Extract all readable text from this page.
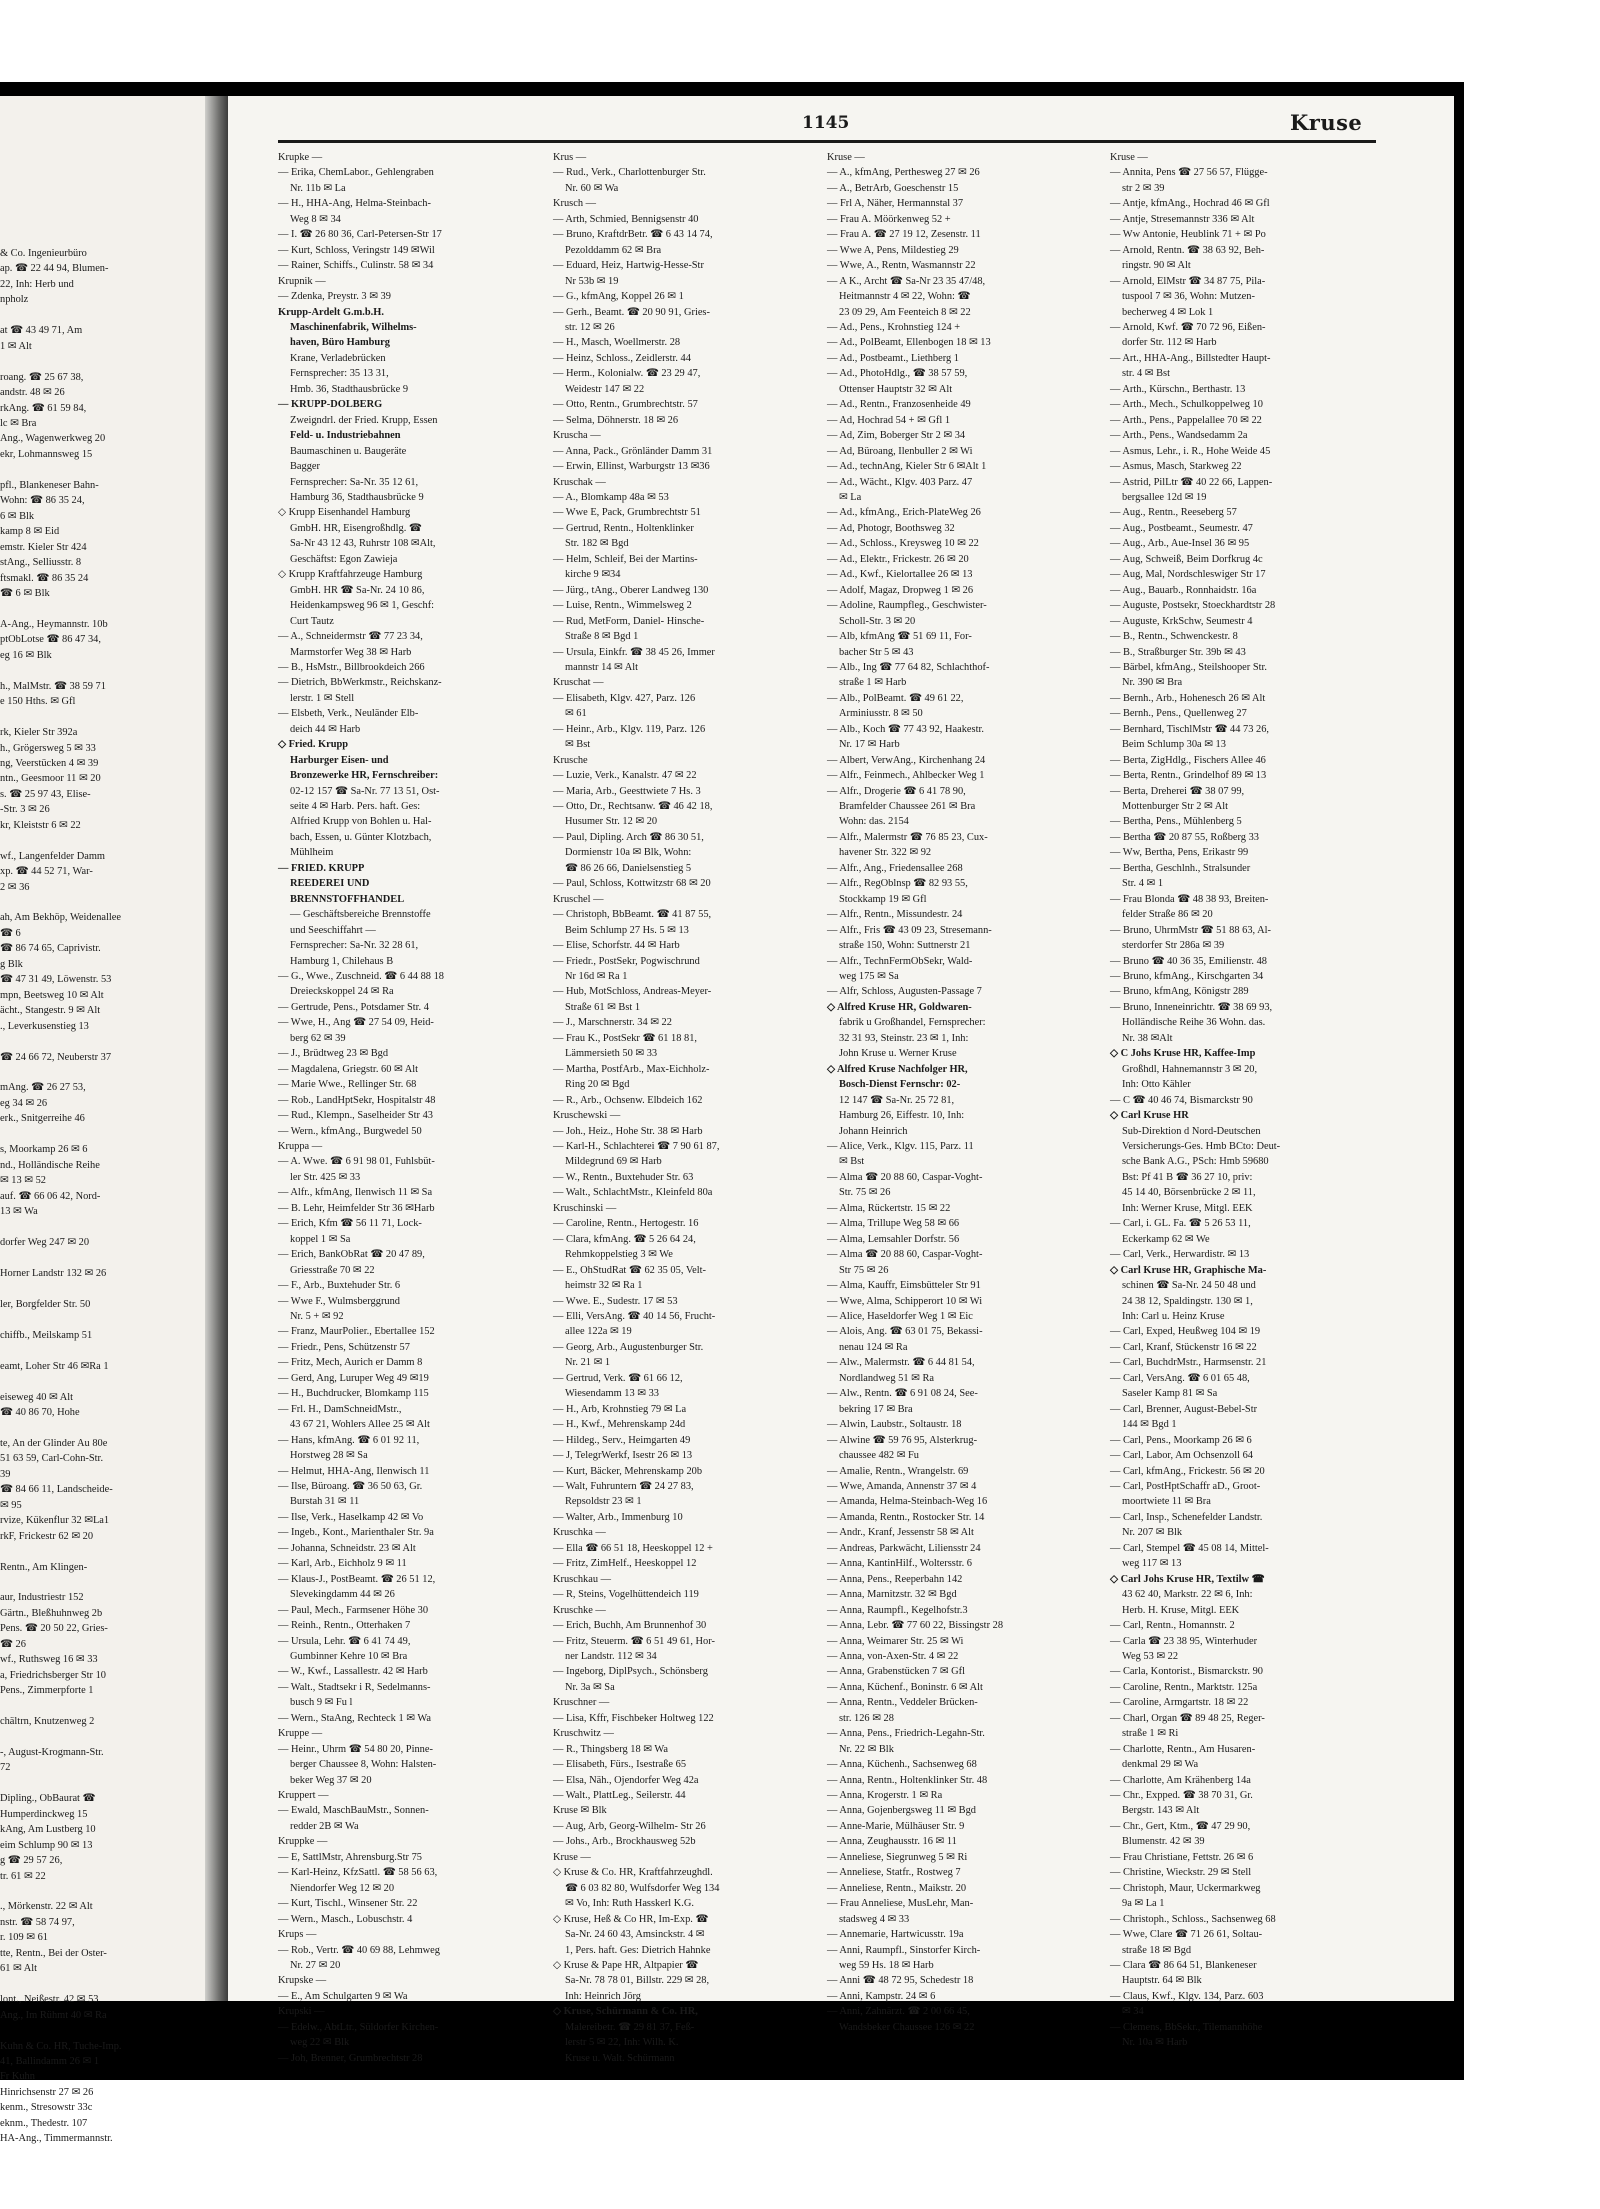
& Co. Ingenieurbüro
ap. ☎ 22 44 94, Blumen-
22, Inh: Herb und
npholz

at ☎ 43 49 71, Am
1 ✉ Alt

roang. ☎ 25 67 38,
andstr. 48 ✉ 26
rkAng. ☎ 61 59 84,
lc ✉ Bra
Ang., Wagenwerkweg 20
ekr, Lohmannsweg 15

pfl., Blankeneser Bahn-
Wohn: ☎ 86 35 24,
6 ✉ Blk
kamp 8 ✉ Eid
emstr. Kieler Str 424
stAng., Selliusstr. 8
ftsmakl. ☎ 86 35 24
☎ 6 ✉ Blk

A-Ang., Heymannstr. 10b
ptObLotse ☎ 86 47 34,
eg 16 ✉ Blk

h., MalMstr. ☎ 38 59 71
e 150 Hths. ✉ Gfl

rk, Kieler Str 392a
h., Grögersweg 5 ✉ 33
ng, Veerstücken 4 ✉ 39
ntn., Geesmoor 11 ✉ 20
s. ☎ 25 97 43, Elise-
-Str. 3 ✉ 26
kr, Kleiststr 6 ✉ 22

wf., Langenfelder Damm
xp. ☎ 44 52 71, War-
2 ✉ 36

ah, Am Bekhöp, Weidenallee
☎ 6
☎ 86 74 65, Caprivistr.
g Blk
☎ 47 31 49, Löwenstr. 53
mpn, Beetsweg 10 ✉ Alt
ächt., Stangestr. 9 ✉ Alt
., Leverkusenstieg 13

☎ 24 66 72, Neuberstr 37

mAng. ☎ 26 27 53,
eg 34 ✉ 26
erk., Snitgerreihe 46

s, Moorkamp 26 ✉ 6
nd., Holländische Reihe
✉ 13 ✉ 52
auf. ☎ 66 06 42, Nord-
13 ✉ Wa

dorfer Weg 247 ✉ 20

Horner Landstr 132 ✉ 26

ler, Borgfelder Str. 50

chiffb., Meilskamp 51

eamt, Loher Str 46 ✉Ra 1

eiseweg 40 ✉ Alt
☎ 40 86 70, Hohe

te, An der Glinder Au 80e
51 63 59, Carl-Cohn-Str.
39
☎ 84 66 11, Landscheide-
✉ 95
rvize, Kükenflur 32 ✉La1
rkF, Frickestr 62 ✉ 20

Rentn., Am Klingen-

aur, Industriestr 152
Gärtn., Bleßhuhnweg 2b
Pens. ☎ 20 50 22, Gries-
☎ 26
wf., Ruthsweg 16 ✉ 33
a, Friedrichsberger Str 10
Pens., Zimmerpforte 1

chältrn, Knutzenweg 2

-, August-Krogmann-Str.
72

Dipling., ObBaurat ☎
Humperdinckweg 15
kAng, Am Lustberg 10
eim Schlump 90 ✉ 13
g ☎ 29 57 26,
tr. 61 ✉ 22

., Mörkenstr. 22 ✉ Alt
nstr. ☎ 58 74 97,
r. 109 ✉ 61
tte, Rentn., Bei der Oster-
61 ✉ Alt

lont., Neißestr. 42 ✉ 53
Ang., Im Rühmt 40 ✉ Ra

Kuhn & Co. HR, Tuche-Imp.
41, Ballindamm 26 ✉ 1
Fr Kuhn
Hinrichsenstr 27 ✉ 26
kenm., Stresowstr 33c
eknm., Thedestr. 107
HA-Ang., Timmermannstr.

1145	Kruse
Krupke —
— Erika, ChemLabor., Gehlengraben
Nr. 11b ✉ La
— H., HHA-Ang, Helma-Steinbach-
Weg 8 ✉ 34
— I. ☎ 26 80 36, Carl-Petersen-Str 17
— Kurt, Schloss, Veringstr 149 ✉Wil
— Rainer, Schiffs., Culinstr. 58 ✉ 34
Krupnik —
— Zdenka, Preystr. 3 ✉ 39
Krupp-Ardelt G.m.b.H.
Maschinenfabrik, Wilhelms-
haven, Büro Hamburg
Krane, Verladebrücken
Fernsprecher: 35 13 31,
Hmb. 36, Stadthausbrücke 9
— KRUPP-DOLBERG
Zweigndrl. der Fried. Krupp, Essen
Feld- u. Industriebahnen
Baumaschinen u. Baugeräte
Bagger
Fernsprecher: Sa-Nr. 35 12 61,
Hamburg 36, Stadthausbrücke 9
◇ Krupp Eisenhandel Hamburg
GmbH. HR, Eisengroßhdlg. ☎
Sa-Nr 43 12 43, Ruhrstr 108 ✉Alt,
Geschäftst: Egon Zawieja
◇ Krupp Kraftfahrzeuge Hamburg
GmbH. HR ☎ Sa-Nr. 24 10 86,
Heidenkampsweg 96 ✉ 1, Geschf:
Curt Tautz
— A., Schneidermstr ☎ 77 23 34,
Marmstorfer Weg 38 ✉ Harb
— B., HsMstr., Billbrookdeich 266
— Dietrich, BbWerkmstr., Reichskanz-
lerstr. 1 ✉ Stell
— Elsbeth, Verk., Neuländer Elb-
deich 44 ✉ Harb
◇ Fried. Krupp
Harburger Eisen- und
Bronzewerke HR, Fernschreiber:
02-12 157 ☎ Sa-Nr. 77 13 51, Ost-
seite 4 ✉ Harb. Pers. haft. Ges:
Alfried Krupp von Bohlen u. Hal-
bach, Essen, u. Günter Klotzbach,
Mühlheim
— FRIED. KRUPP
REEDEREI UND
BRENNSTOFFHANDEL
— Geschäftsbereiche Brennstoffe
und Seeschiffahrt —
Fernsprecher: Sa-Nr. 32 28 61,
Hamburg 1, Chilehaus B
— G., Wwe., Zuschneid. ☎ 6 44 88 18
Dreieckskoppel 24 ✉ Ra
— Gertrude, Pens., Potsdamer Str. 4
— Wwe, H., Ang ☎ 27 54 09, Heid-
berg 62 ✉ 39
— J., Brüdtweg 23 ✉ Bgd
— Magdalena, Griegstr. 60 ✉ Alt
— Marie Wwe., Rellinger Str. 68
— Rob., LandHptSekr, Hospitalstr 48
— Rud., Klempn., Saselheider Str 43
— Wern., kfmAng., Burgwedel 50
Kruppa —
— A. Wwe. ☎ 6 91 98 01, Fuhlsbüt-
ler Str. 425 ✉ 33
— Alfr., kfmAng, Ilenwisch 11 ✉ Sa
— B. Lehr, Heimfelder Str 36 ✉Harb
— Erich, Kfm ☎ 56 11 71, Lock-
koppel 1 ✉ Sa
— Erich, BankObRat ☎ 20 47 89,
Griesstraße 70 ✉ 22
— F., Arb., Buxtehuder Str. 6
— Wwe F., Wulmsberggrund
Nr. 5 + ✉ 92
— Franz, MaurPolier., Ebertallee 152
— Friedr., Pens, Schützenstr 57
— Fritz, Mech, Aurich er Damm 8
— Gerd, Ang, Luruper Weg 49 ✉19
— H., Buchdrucker, Blomkamp 115
— Frl. H., DamSchneidMstr.,
43 67 21, Wohlers Allee 25 ✉ Alt
— Hans, kfmAng. ☎ 6 01 92 11,
Horstweg 28 ✉ Sa
— Helmut, HHA-Ang, Ilenwisch 11
— Ilse, Büroang. ☎ 36 50 63, Gr.
Burstah 31 ✉ 11
— Ilse, Verk., Haselkamp 42 ✉ Vo
— Ingeb., Kont., Marienthaler Str. 9a
— Johanna, Schneidstr. 23 ✉ Alt
— Karl, Arb., Eichholz 9 ✉ 11
— Klaus-J., PostBeamt. ☎ 26 51 12,
Slevekingdamm 44 ✉ 26
— Paul, Mech., Farmsener Höhe 30
— Reinh., Rentn., Otterhaken 7
— Ursula, Lehr. ☎ 6 41 74 49,
Gumbinner Kehre 10 ✉ Bra
— W., Kwf., Lassallestr. 42 ✉ Harb
— Walt., Stadtsekr i R, Sedelmanns-
busch 9 ✉ Fu l
— Wern., StaAng, Rechteck 1 ✉ Wa
Kruppe —
— Heinr., Uhrm ☎ 54 80 20, Pinne-
berger Chaussee 8, Wohn: Halsten-
beker Weg 37 ✉ 20
Kruppert —
— Ewald, MaschBauMstr., Sonnen-
redder 2B ✉ Wa
Kruppke —
— E, SattlMstr, Ahrensburg.Str 75
— Karl-Heinz, KfzSattl. ☎ 58 56 63,
Niendorfer Weg 12 ✉ 20
— Kurt, Tischl., Winsener Str. 22
— Wern., Masch., Lobuschstr. 4
Krups —
— Rob., Vertr. ☎ 40 69 88, Lehmweg
Nr. 27 ✉ 20
Krupske —
— E., Am Schulgarten 9 ✉ Wa
Krupski —
— Edelw., AbtLtr., Süldorfer Kirchen-
weg 22 ✉ Blk
— Joh, Brenner, Grumbrechtstr 28
Krus —
— Rud., Verk., Charlottenburger Str.
Nr. 60 ✉ Wa
Krusch —
— Arth, Schmied, Bennigsenstr 40
— Bruno, KraftdrBetr. ☎ 6 43 14 74,
Pezolddamm 62 ✉ Bra
— Eduard, Heiz, Hartwig-Hesse-Str
Nr 53b ✉ 19
— G., kfmAng, Koppel 26 ✉ 1
— Gerh., Beamt. ☎ 20 90 91, Gries-
str. 12 ✉ 26
— H., Masch, Woellmerstr. 28
— Heinz, Schloss., Zeidlerstr. 44
— Herm., Kolonialw. ☎ 23 29 47,
Weidestr 147 ✉ 22
— Otto, Rentn., Grumbrechtstr. 57
— Selma, Döhnerstr. 18 ✉ 26
Kruscha —
— Anna, Pack., Grönländer Damm 31
— Erwin, Ellinst, Warburgstr 13 ✉36
Kruschak —
— A., Blomkamp 48a ✉ 53
— Wwe E, Pack, Grumbrechtstr 51
— Gertrud, Rentn., Holtenklinker
Str. 182 ✉ Bgd
— Helm, Schleif, Bei der Martins-
kirche 9 ✉34
— Jürg., tAng., Oberer Landweg 130
— Luise, Rentn., Wimmelsweg 2
— Rud, MetForm, Daniel- Hinsche-
Straße 8 ✉ Bgd 1
— Ursula, Einkfr. ☎ 38 45 26, Immer
mannstr 14 ✉ Alt
Kruschat —
— Elisabeth, Klgv. 427, Parz. 126
✉ 61
— Heinr., Arb., Klgv. 119, Parz. 126
✉ Bst
Krusche
— Luzie, Verk., Kanalstr. 47 ✉ 22
— Maria, Arb., Geesttwiete 7 Hs. 3
— Otto, Dr., Rechtsanw. ☎ 46 42 18,
Husumer Str. 12 ✉ 20
— Paul, Dipling. Arch ☎ 86 30 51,
Dormienstr 10a ✉ Blk, Wohn:
☎ 86 26 66, Danielsenstieg 5
— Paul, Schloss, Kottwitzstr 68 ✉ 20
Kruschel —
— Christoph, BbBeamt. ☎ 41 87 55,
Beim Schlump 27 Hs. 5 ✉ 13
— Elise, Schorfstr. 44 ✉ Harb
— Friedr., PostSekr, Pogwischrund
Nr 16d ✉ Ra 1
— Hub, MotSchloss, Andreas-Meyer-
Straße 61 ✉ Bst 1
— J., Marschnerstr. 34 ✉ 22
— Frau K., PostSekr ☎ 61 18 81,
Lämmersieth 50 ✉ 33
— Martha, PostfArb., Max-Eichholz-
Ring 20 ✉ Bgd
— R., Arb., Ochsenw. Elbdeich 162
Kruschewski —
— Joh., Heiz., Hohe Str. 38 ✉ Harb
— Karl-H., Schlachterei ☎ 7 90 61 87,
Mildegrund 69 ✉ Harb
— W., Rentn., Buxtehuder Str. 63
— Walt., SchlachtMstr., Kleinfeld 80a
Kruschinski —
— Caroline, Rentn., Hertogestr. 16
— Clara, kfmAng. ☎ 5 26 64 24,
Rehmkoppelstieg 3 ✉ We
— E., OhStudRat ☎ 62 35 05, Velt-
heimstr 32 ✉ Ra 1
— Wwe. E., Sudestr. 17 ✉ 53
— Elli, VersAng. ☎ 40 14 56, Frucht-
allee 122a ✉ 19
— Georg, Arb., Augustenburger Str.
Nr. 21 ✉ 1
— Gertrud, Verk. ☎ 61 66 12,
Wiesendamm 13 ✉ 33
— H., Arb, Krohnstieg 79 ✉ La
— H., Kwf., Mehrenskamp 24d
— Hildeg., Serv., Heimgarten 49
— J, TelegrWerkf, Isestr 26 ✉ 13
— Kurt, Bäcker, Mehrenskamp 20b
— Walt, Fuhruntern ☎ 24 27 83,
Repsoldstr 23 ✉ 1
— Walter, Arb., Immenburg 10
Kruschka —
— Ella ☎ 66 51 18, Heeskoppel 12 +
— Fritz, ZimHelf., Heeskoppel 12
Kruschkau —
— R, Steins, Vogelhüttendeich 119
Kruschke —
— Erich, Buchh, Am Brunnenhof 30
— Fritz, Steuerm. ☎ 6 51 49 61, Hor-
ner Landstr. 112 ✉ 34
— Ingeborg, DiplPsych., Schönsberg
Nr. 3a ✉ Sa
Kruschner —
— Lisa, Kffr, Fischbeker Holtweg 122
Kruschwitz —
— R., Thingsberg 18 ✉ Wa
— Elisabeth, Fürs., Isestraße 65
— Elsa, Näh., Ojendorfer Weg 42a
— Walt., PlattLeg., Seilerstr. 44
Kruse ✉ Blk
— Aug, Arb, Georg-Wilhelm- Str 26
— Johs., Arb., Brockhausweg 52b
Kruse —
◇ Kruse & Co. HR, Kraftfahrzeughdl.
☎ 6 03 82 80, Wulfsdorfer Weg 134
✉ Vo, Inh: Ruth Hasskerl K.G.
◇ Kruse, Heß & Co HR, Im-Exp. ☎
Sa-Nr. 24 60 43, Amsinckstr. 4 ✉
1, Pers. haft. Ges: Dietrich Hahnke
◇ Kruse & Pape HR, Altpapier ☎
Sa-Nr. 78 78 01, Billstr. 229 ✉ 28,
Inh: Heinrich Jörg
◇ Kruse, Schürmann & Co. HR,
Malereibetr. ☎ 29 81 37, Feß-
lerstr 5 ✉ 22, Inh: Wilh. K.
Kruse u. Walt. Schürmann
Kruse —
— A., kfmAng, Perthesweg 27 ✉ 26
— A., BetrArb, Goeschenstr 15
— Frl A, Näher, Hermannstal 37
— Frau A. Möörkenweg 52 +
— Frau A. ☎ 27 19 12, Zesenstr. 11
— Wwe A, Pens, Mildestieg 29
— Wwe, A., Rentn, Wasmannstr 22
— A K., Archt ☎ Sa-Nr 23 35 47/48,
Heitmannstr 4 ✉ 22, Wohn: ☎
23 09 29, Am Feenteich 8 ✉ 22
— Ad., Pens., Krohnstieg 124 +
— Ad., PolBeamt, Ellenbogen 18 ✉ 13
— Ad., Postbeamt., Liethberg 1
— Ad., PhotoHdlg., ☎ 38 57 59,
Ottenser Hauptstr 32 ✉ Alt
— Ad., Rentn., Franzosenheide 49
— Ad, Hochrad 54 + ✉ Gfl 1
— Ad, Zim, Boberger Str 2 ✉ 34
— Ad, Büroang, Ilenbuller 2 ✉ Wi
— Ad., technAng, Kieler Str 6 ✉Alt 1
— Ad., Wächt., Klgv. 403 Parz. 47
✉ La
— Ad., kfmAng., Erich-PlateWeg 26
— Ad, Photogr, Boothsweg 32
— Ad., Schloss., Kreysweg 10 ✉ 22
— Ad., Elektr., Frickestr. 26 ✉ 20
— Ad., Kwf., Kielortallee 26 ✉ 13
— Adolf, Magaz, Dropweg 1 ✉ 26
— Adoline, Raumpfleg., Geschwister-
Scholl-Str. 3 ✉ 20
— Alb, kfmAng ☎ 51 69 11, For-
bacher Str 5 ✉ 43
— Alb., Ing ☎ 77 64 82, Schlachthof-
straße 1 ✉ Harb
— Alb., PolBeamt. ☎ 49 61 22,
Arminiusstr. 8 ✉ 50
— Alb., Koch ☎ 77 43 92, Haakestr.
Nr. 17 ✉ Harb
— Albert, VerwAng., Kirchenhang 24
— Alfr., Feinmech., Ahlbecker Weg 1
— Alfr., Drogerie ☎ 6 41 78 90,
Bramfelder Chaussee 261 ✉ Bra
Wohn: das. 2154
— Alfr., Malermstr ☎ 76 85 23, Cux-
havener Str. 322 ✉ 92
— Alfr., Ang., Friedensallee 268
— Alfr., RegOblnsp ☎ 82 93 55,
Stockkamp 19 ✉ Gfl
— Alfr., Rentn., Missundestr. 24
— Alfr., Fris ☎ 43 09 23, Stresemann-
straße 150, Wohn: Suttnerstr 21
— Alfr., TechnFermObSekr, Wald-
weg 175 ✉ Sa
— Alfr, Schloss, Augusten-Passage 7
◇ Alfred Kruse HR, Goldwaren-
fabrik u Großhandel, Fernsprecher:
32 31 93, Steinstr. 23 ✉ 1, Inh:
John Kruse u. Werner Kruse
◇ Alfred Kruse Nachfolger HR,
Bosch-Dienst Fernschr: 02-
12 147 ☎ Sa-Nr. 25 72 81,
Hamburg 26, Eiffestr. 10, Inh:
Johann Heinrich
— Alice, Verk., Klgv. 115, Parz. 11
✉ Bst
— Alma ☎ 20 88 60, Caspar-Voght-
Str. 75 ✉ 26
— Alma, Rückertstr. 15 ✉ 22
— Alma, Trillupe Weg 58 ✉ 66
— Alma, Lemsahler Dorfstr. 56
— Alma ☎ 20 88 60, Caspar-Voght-
Str 75 ✉ 26
— Alma, Kauffr, Eimsbütteler Str 91
— Wwe, Alma, Schipperort 10 ✉ Wi
— Alice, Haseldorfer Weg 1 ✉ Eic
— Alois, Ang. ☎ 63 01 75, Bekassi-
nenau 124 ✉ Ra
— Alw., Malermstr. ☎ 6 44 81 54,
Nordlandweg 51 ✉ Ra
— Alw., Rentn. ☎ 6 91 08 24, See-
bekring 17 ✉ Bra
— Alwin, Laubstr., Soltaustr. 18
— Alwine ☎ 59 76 95, Alsterkrug-
chaussee 482 ✉ Fu
— Amalie, Rentn., Wrangelstr. 69
— Wwe, Amanda, Annenstr 37 ✉ 4
— Amanda, Helma-Steinbach-Weg 16
— Amanda, Rentn., Rostocker Str. 14
— Andr., Kranf, Jessenstr 58 ✉ Alt
— Andreas, Parkwächt, Liliensstr 24
— Anna, KantinHilf., Woltersstr. 6
— Anna, Pens., Reeperbahn 142
— Anna, Marnitzstr. 32 ✉ Bgd
— Anna, Raumpfl., Kegelhofstr.3
— Anna, Lebr. ☎ 77 60 22, Bissingstr 28
— Anna, Weimarer Str. 25 ✉ Wi
— Anna, von-Axen-Str. 4 ✉ 22
— Anna, Grabenstücken 7 ✉ Gfl
— Anna, Küchenf., Boninstr. 6 ✉ Alt
— Anna, Rentn., Veddeler Brücken-
str. 126 ✉ 28
— Anna, Pens., Friedrich-Legahn-Str.
Nr. 22 ✉ Blk
— Anna, Küchenh., Sachsenweg 68
— Anna, Rentn., Holtenklinker Str. 48
— Anna, Krogerstr. 1 ✉ Ra
— Anna, Gojenbergsweg 11 ✉ Bgd
— Anne-Marie, Mülhäuser Str. 9
— Anna, Zeughausstr. 16 ✉ 11
— Anneliese, Siegrunweg 5 ✉ Ri
— Anneliese, Statfr., Rostweg 7
— Anneliese, Rentn., Maikstr. 20
— Frau Anneliese, MusLehr, Man-
stadsweg 4 ✉ 33
— Annemarie, Hartwicusstr. 19a
— Anni, Raumpfl., Sinstorfer Kirch-
weg 59 Hs. 18 ✉ Harb
— Anni ☎ 48 72 95, Schedestr 18
— Anni, Kampstr. 24 ✉ 6
— Anni, Zahnärzt. ☎ 2 00 66 45,
Wandsbeker Chaussee 126 ✉ 22
Kruse —
— Annita, Pens ☎ 27 56 57, Flügge-
str 2 ✉ 39
— Antje, kfmAng., Hochrad 46 ✉ Gfl
— Antje, Stresemannstr 336 ✉ Alt
— Ww Antonie, Heublink 71 + ✉ Po
— Arnold, Rentn. ☎ 38 63 92, Beh-
ringstr. 90 ✉ Alt
— Arnold, ElMstr ☎ 34 87 75, Pila-
tuspool 7 ✉ 36, Wohn: Mutzen-
becherweg 4 ✉ Lok 1
— Arnold, Kwf. ☎ 70 72 96, Eißen-
dorfer Str. 112 ✉ Harb
— Art., HHA-Ang., Billstedter Haupt-
str. 4 ✉ Bst
— Arth., Kürschn., Berthastr. 13
— Arth., Mech., Schulkoppelweg 10
— Arth., Pens., Pappelallee 70 ✉ 22
— Arth., Pens., Wandsedamm 2a
— Asmus, Lehr., i. R., Hohe Weide 45
— Asmus, Masch, Starkweg 22
— Astrid, PilLtr ☎ 40 22 66, Lappen-
bergsallee 12d ✉ 19
— Aug., Rentn., Reeseberg 57
— Aug., Postbeamt., Seumestr. 47
— Aug., Arb., Aue-Insel 36 ✉ 95
— Aug, Schweiß, Beim Dorfkrug 4c
— Aug, Mal, Nordschleswiger Str 17
— Aug., Bauarb., Ronnhaidstr. 16a
— Auguste, Postsekr, Stoeckhardtstr 28
— Auguste, KrkSchw, Seumestr 4
— B., Rentn., Schwenckestr. 8
— B., Straßburger Str. 39b ✉ 43
— Bärbel, kfmAng., Steilshooper Str.
Nr. 390 ✉ Bra
— Bernh., Arb., Hohenesch 26 ✉ Alt
— Bernh., Pens., Quellenweg 27
— Bernhard, TischlMstr ☎ 44 73 26,
Beim Schlump 30a ✉ 13
— Berta, ZigHdlg., Fischers Allee 46
— Berta, Rentn., Grindelhof 89 ✉ 13
— Berta, Dreherei ☎ 38 07 99,
Mottenburger Str 2 ✉ Alt
— Bertha, Pens., Mühlenberg 5
— Bertha ☎ 20 87 55, Roßberg 33
— Ww, Bertha, Pens, Erikastr 99
— Bertha, Geschlnh., Stralsunder
Str. 4 ✉ 1
— Frau Blonda ☎ 48 38 93, Breiten-
felder Straße 86 ✉ 20
— Bruno, UhrmMstr ☎ 51 88 63, Al-
sterdorfer Str 286a ✉ 39
— Bruno ☎ 40 36 35, Emilienstr. 48
— Bruno, kfmAng., Kirschgarten 34
— Bruno, kfmAng, Königstr 289
— Bruno, Inneneinrichtr. ☎ 38 69 93,
Holländische Reihe 36 Wohn. das.
Nr. 38 ✉Alt
◇ C Johs Kruse HR, Kaffee-Imp
Großhdl, Hahnemannstr 3 ✉ 20,
Inh: Otto Kähler
— C ☎ 40 46 74, Bismarckstr 90
◇ Carl Kruse HR
Sub-Direktion d Nord-Deutschen
Versicherungs-Ges. Hmb BCto: Deut-
sche Bank A.G., PSch: Hmb 59680
Bst: Pf 41 B ☎ 36 27 10, priv:
45 14 40, Börsenbrücke 2 ✉ 11,
Inh: Werner Kruse, Mitgl. EEK
— Carl, i. GL. Fa. ☎ 5 26 53 11,
Eckerkamp 62 ✉ We
— Carl, Verk., Herwardistr. ✉ 13
◇ Carl Kruse HR, Graphische Ma-
schinen ☎ Sa-Nr. 24 50 48 und
24 38 12, Spaldingstr. 130 ✉ 1,
Inh: Carl u. Heinz Kruse
— Carl, Exped, Heußweg 104 ✉ 19
— Carl, Kranf, Stückenstr 16 ✉ 22
— Carl, BuchdrMstr., Harmsenstr. 21
— Carl, VersAng. ☎ 6 01 65 48,
Saseler Kamp 81 ✉ Sa
— Carl, Brenner, August-Bebel-Str
144 ✉ Bgd 1
— Carl, Pens., Moorkamp 26 ✉ 6
— Carl, Labor, Am Ochsenzoll 64
— Carl, kfmAng., Frickestr. 56 ✉ 20
— Carl, PostHptSchaffr aD., Groot-
moortwiete 11 ✉ Bra
— Carl, Insp., Schenefelder Landstr.
Nr. 207 ✉ Blk
— Carl, Stempel ☎ 45 08 14, Mittel-
weg 117 ✉ 13
◇ Carl Johs Kruse HR, Textilw ☎
43 62 40, Markstr. 22 ✉ 6, Inh:
Herb. H. Kruse, Mitgl. EEK
— Carl, Rentn., Homannstr. 2
— Carla ☎ 23 38 95, Winterhuder
Weg 53 ✉ 22
— Carla, Kontorist., Bismarckstr. 90
— Caroline, Rentn., Marktstr. 125a
— Caroline, Armgartstr. 18 ✉ 22
— Charl, Organ ☎ 89 48 25, Reger-
straße 1 ✉ Ri
— Charlotte, Rentn., Am Husaren-
denkmal 29 ✉ Wa
— Charlotte, Am Krähenberg 14a
— Chr., Expped. ☎ 38 70 31, Gr.
Bergstr. 143 ✉ Alt
— Chr., Gert, Ktm., ☎ 47 29 90,
Blumenstr. 42 ✉ 39
— Frau Christiane, Fettstr. 26 ✉ 6
— Christine, Wieckstr. 29 ✉ Stell
— Christoph, Maur, Uckermarkweg
9a ✉ La 1
— Christoph., Schloss., Sachsenweg 68
— Wwe, Clare ☎ 71 26 61, Soltau-
straße 18 ✉ Bgd
— Clara ☎ 86 64 51, Blankeneser
Hauptstr. 64 ✉ Blk
— Claus, Kwf., Klgv. 134, Parz. 603
✉ 34
— Clemens, BbSekr., Tilemannhöhe
Nr. 10a ✉ Harb
